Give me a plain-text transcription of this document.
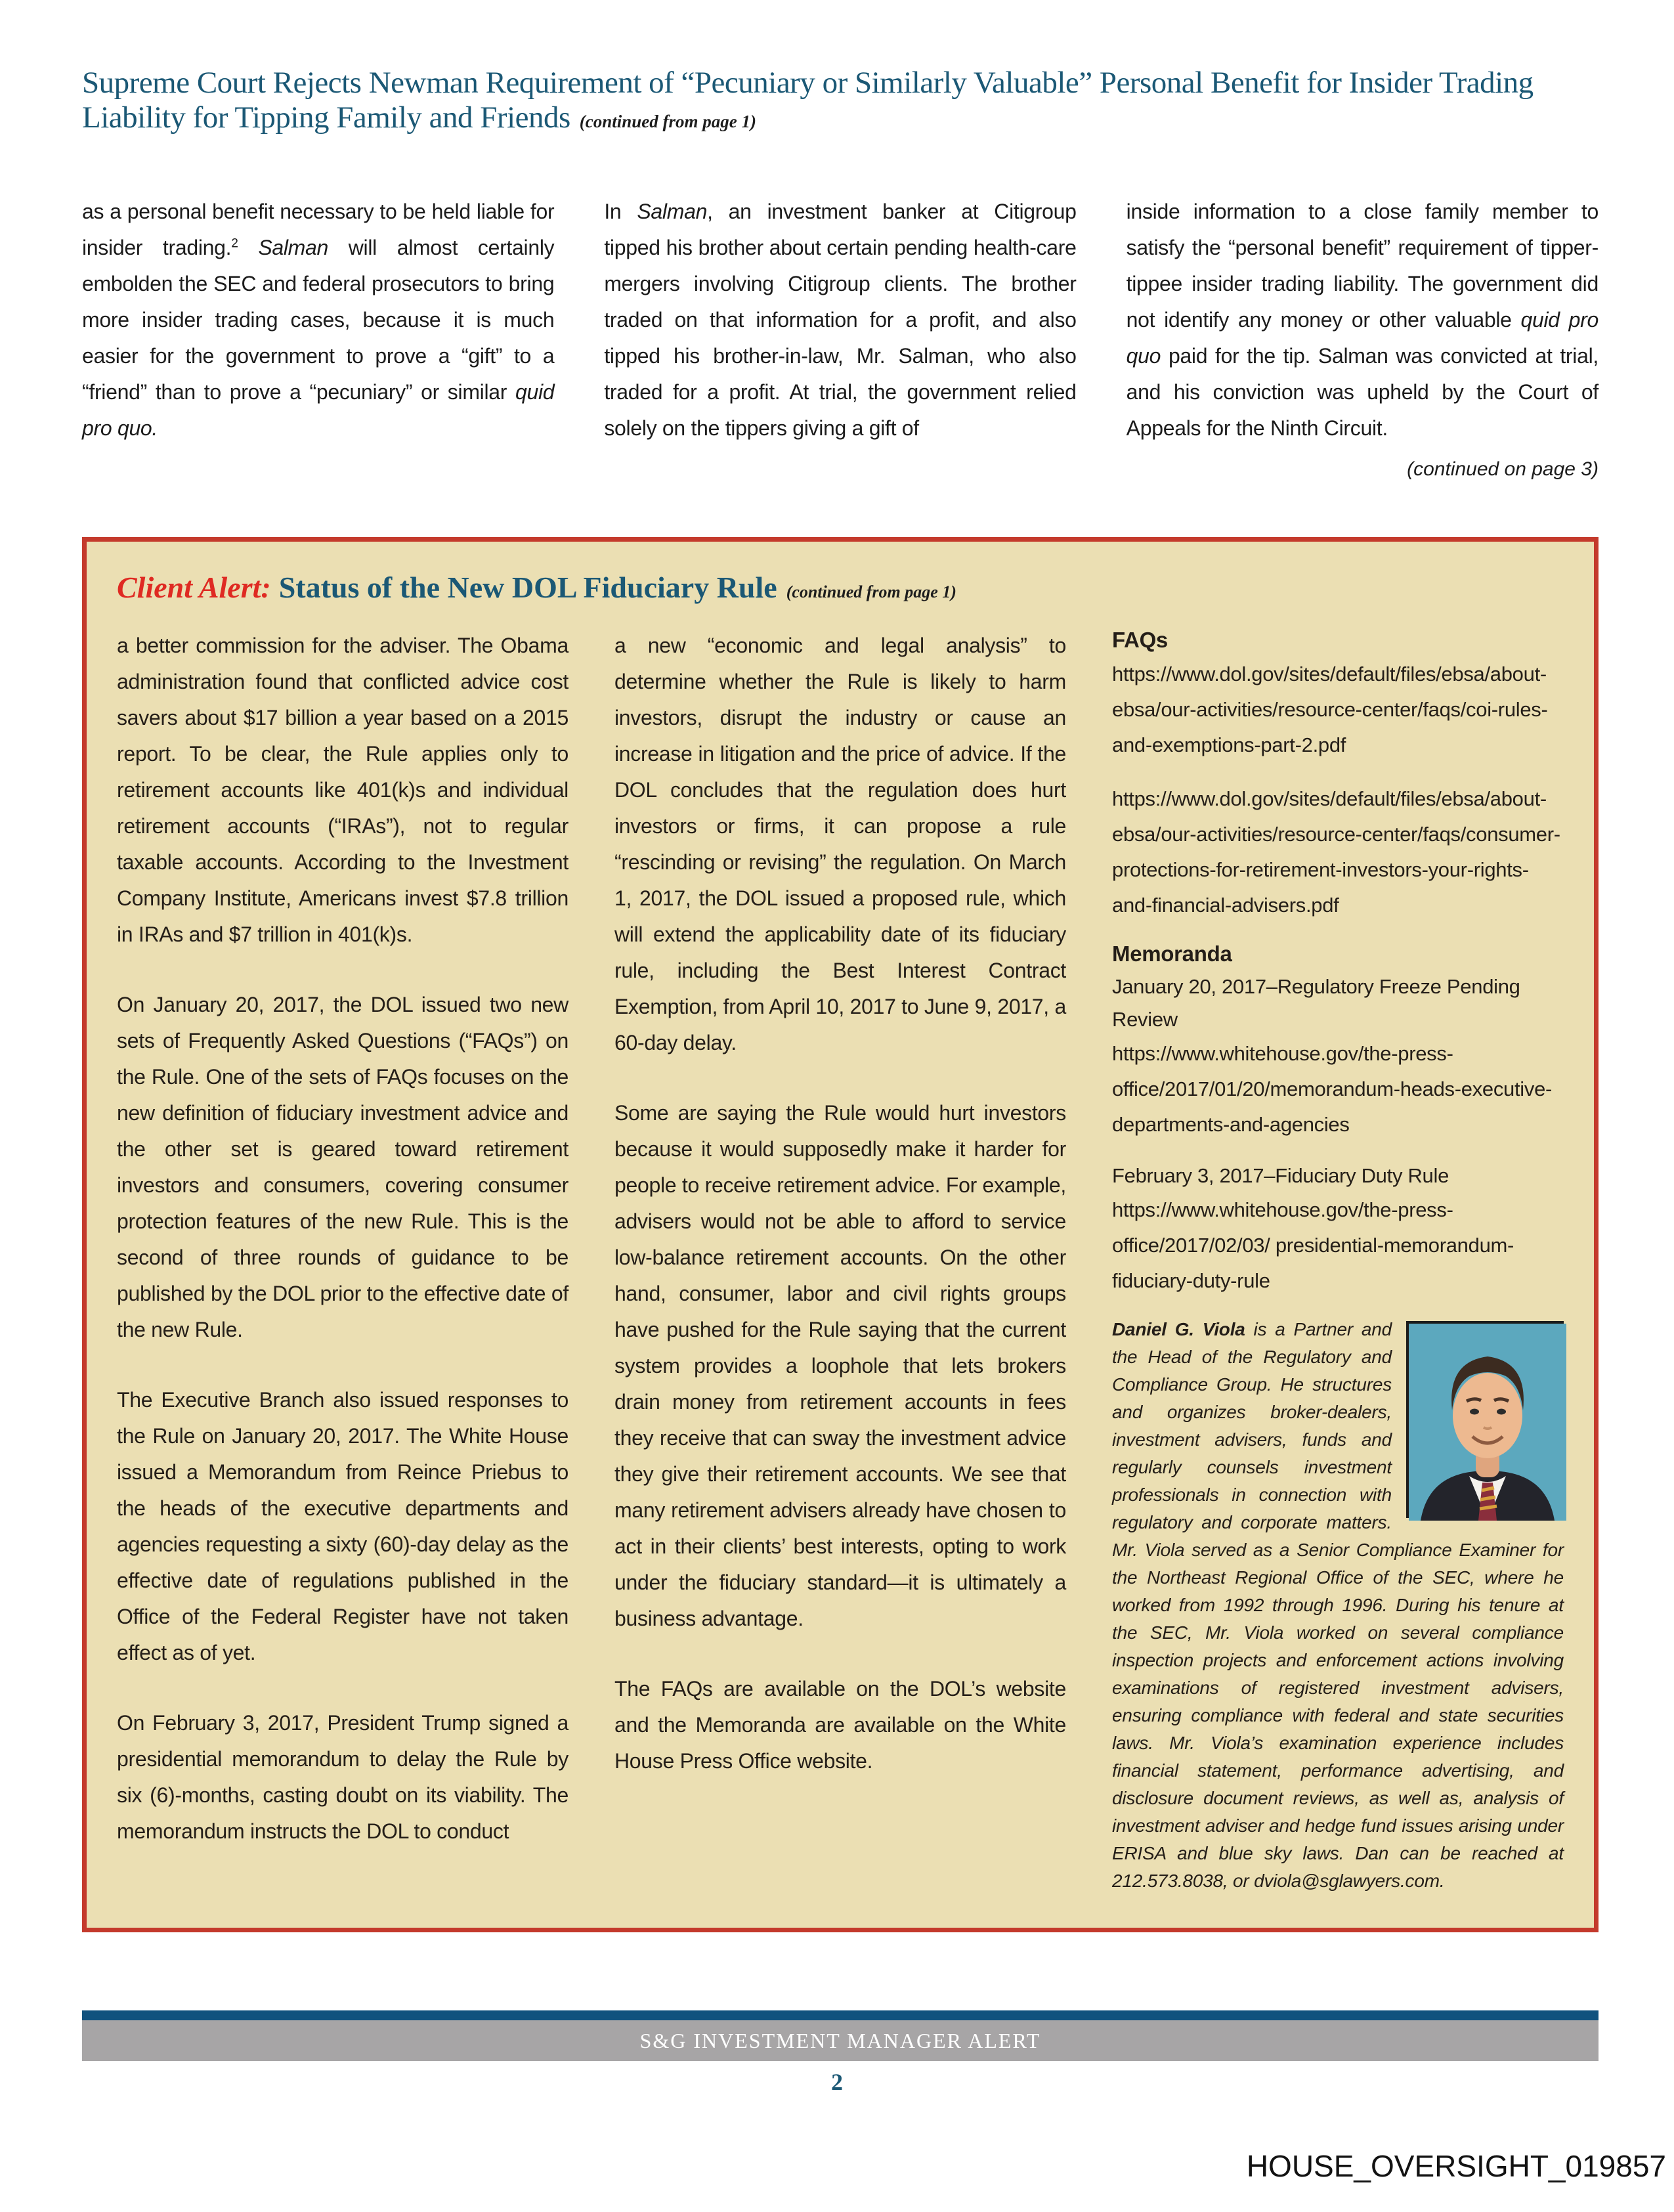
Supreme Court Rejects Newman Requirement of “Pecuniary or Similarly Valuable” Personal Benefit for Insider Trading Liability for Tipping Family and Friends (continued from page 1)
as a personal benefit necessary to be held liable for insider trading.$^2$ Salman will almost certainly embolden the SEC and federal prosecutors to bring more insider trading cases, because it is much easier for the government to prove a “gift” to a “friend” than to prove a “pecuniary” or similar quid pro quo.
In Salman, an investment banker at Citigroup tipped his brother about certain pending health-care mergers involving Citigroup clients. The brother traded on that information for a profit, and also tipped his brother-in-law, Mr. Salman, who also traded for a profit. At trial, the government relied solely on the tippers giving a gift of
inside information to a close family member to satisfy the “personal benefit” requirement of tipper-tippee insider trading liability. The government did not identify any money or other valuable quid pro quo paid for the tip. Salman was convicted at trial, and his conviction was upheld by the Court of Appeals for the Ninth Circuit.
(continued on page 3)
Client Alert: Status of the New DOL Fiduciary Rule (continued from page 1)

a better commission for the adviser. The Obama administration found that conflicted advice cost savers about $17 billion a year based on a 2015 report. To be clear, the Rule applies only to retirement accounts like 401(k)s and individual retirement accounts (“IRAs”), not to regular taxable accounts. According to the Investment Company Institute, Americans invest $7.8 trillion in IRAs and $7 trillion in 401(k)s.

On January 20, 2017, the DOL issued two new sets of Frequently Asked Questions (“FAQs”) on the Rule. One of the sets of FAQs focuses on the new definition of fiduciary investment advice and the other set is geared toward retirement investors and consumers, covering consumer protection features of the new Rule. This is the second of three rounds of guidance to be published by the DOL prior to the effective date of the new Rule.

The Executive Branch also issued responses to the Rule on January 20, 2017. The White House issued a Memorandum from Reince Priebus to the heads of the executive departments and agencies requesting a sixty (60)-day delay as the effective date of regulations published in the Office of the Federal Register have not taken effect as of yet.

On February 3, 2017, President Trump signed a presidential memorandum to delay the Rule by six (6)-months, casting doubt on its viability. The memorandum instructs the DOL to conduct

a new “economic and legal analysis” to determine whether the Rule is likely to harm investors, disrupt the industry or cause an increase in litigation and the price of advice. If the DOL concludes that the regulation does hurt investors or firms, it can propose a rule “rescinding or revising” the regulation. On March 1, 2017, the DOL issued a proposed rule, which will extend the applicability date of its fiduciary rule, including the Best Interest Contract Exemption, from April 10, 2017 to June 9, 2017, a 60-day delay.

Some are saying the Rule would hurt investors because it would supposedly make it harder for people to receive retirement advice. For example, advisers would not be able to afford to service low-balance retirement accounts. On the other hand, consumer, labor and civil rights groups have pushed for the Rule saying that the current system provides a loophole that lets brokers drain money from retirement accounts in fees they receive that can sway the investment advice they give their retirement accounts. We see that many retirement advisers already have chosen to act in their clients’ best interests, opting to work under the fiduciary standard—it is ultimately a business advantage.

The FAQs are available on the DOL’s website and the Memoranda are available on the White House Press Office website.

FAQs
https://www.dol.gov/sites/default/files/ebsa/about-ebsa/our-activities/resource-center/faqs/coi-rules-and-exemptions-part-2.pdf
https://www.dol.gov/sites/default/files/ebsa/about-ebsa/our-activities/resource-center/faqs/consumer-protections-for-retirement-investors-your-rights-and-financial-advisers.pdf
Memoranda
January 20, 2017–Regulatory Freeze Pending Review
https://www.whitehouse.gov/the-press-office/2017/01/20/memorandum-heads-executive-departments-and-agencies
February 3, 2017–Fiduciary Duty Rule
https://www.whitehouse.gov/the-press-office/2017/02/03/ presidential-memorandum-fiduciary-duty-rule
Daniel G. Viola is a Partner and the Head of the Regulatory and Compliance Group. He structures and organizes broker-dealers, investment advisers, funds and regularly counsels investment professionals in connection with regulatory and corporate matters. Mr. Viola served as a Senior Compliance Examiner for the Northeast Regional Office of the SEC, where he worked from 1992 through 1996. During his tenure at the SEC, Mr. Viola worked on several compliance inspection projects and enforcement actions involving examinations of registered investment advisers, ensuring compliance with federal and state securities laws. Mr. Viola’s examination experience includes financial statement, performance advertising, and disclosure document reviews, as well as, analysis of investment adviser and hedge fund issues arising under ERISA and blue sky laws. Dan can be reached at 212.573.8038, or dviola@sglawyers.com.
S&G INVESTMENT MANAGER ALERT
2
HOUSE_OVERSIGHT_019857
